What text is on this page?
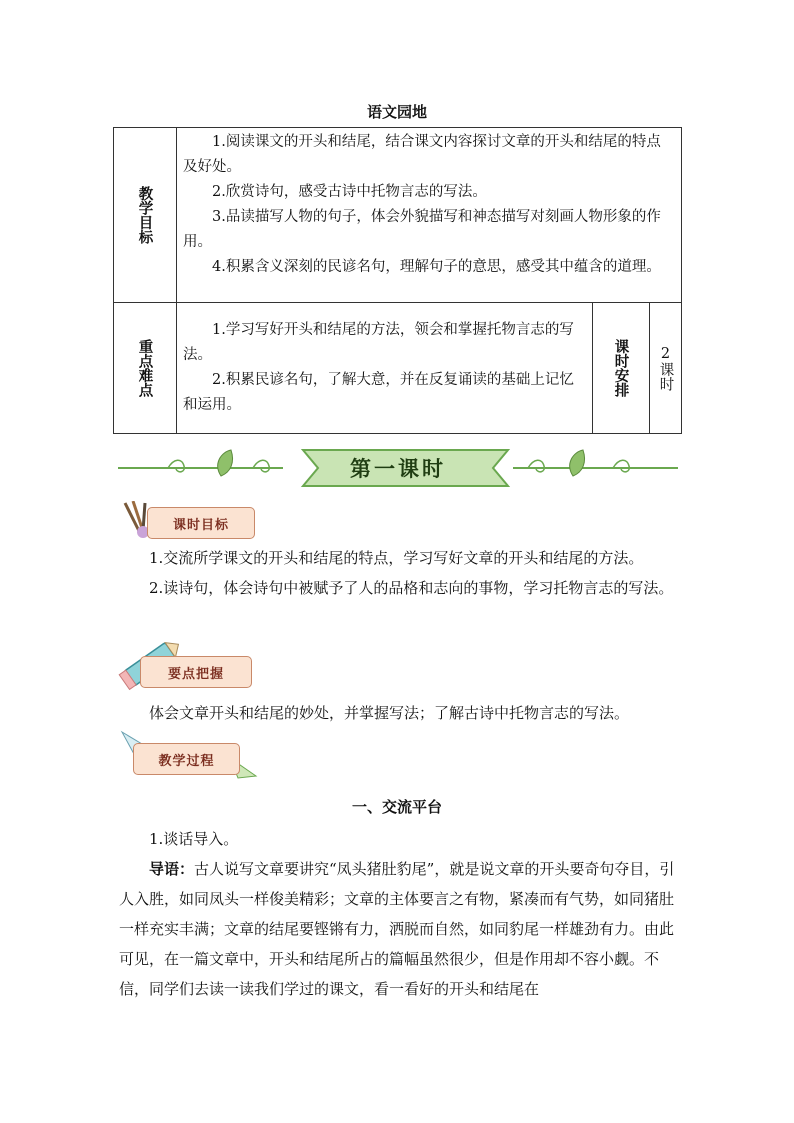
语文园地
教学目标	1.阅读课文的开头和结尾，结合课文内容探讨文章的开头和结尾的特点及好处。

2.欣赏诗句，感受古诗中托物言志的写法。

3.品读描写人物的句子，体会外貌描写和神态描写对刻画人物形象的作用。

4.积累含义深刻的民谚名句，理解句子的意思，感受其中蕴含的道理。		

重点难点	1.学习写好开头和结尾的方法，领会和掌握托物言志的写法。

2.积累民谚名句，了解大意，并在反复诵读的基础上记忆和运用。	课时安排	2课时
第一课时
课时目标

1.交流所学课文的开头和结尾的特点，学习写好文章的开头和结尾的方法。

2.读诗句，体会诗句中被赋予了人的品格和志向的事物，学习托物言志的写法。

要点把握

体会文章开头和结尾的妙处，并掌握写法；了解古诗中托物言志的写法。

教学过程
一、交流平台

1.谈话导入。

导语：古人说写文章要讲究“凤头猪肚豹尾”，就是说文章的开头要奇句夺目，引人入胜，如同凤头一样俊美精彩；文章的主体要言之有物，紧凑而有气势，如同猪肚一样充实丰满；文章的结尾要铿锵有力，洒脱而自然，如同豹尾一样雄劲有力。由此可见，在一篇文章中，开头和结尾所占的篇幅虽然很少，但是作用却不容小觑。不信，同学们去读一读我们学过的课文，看一看好的开头和结尾在
